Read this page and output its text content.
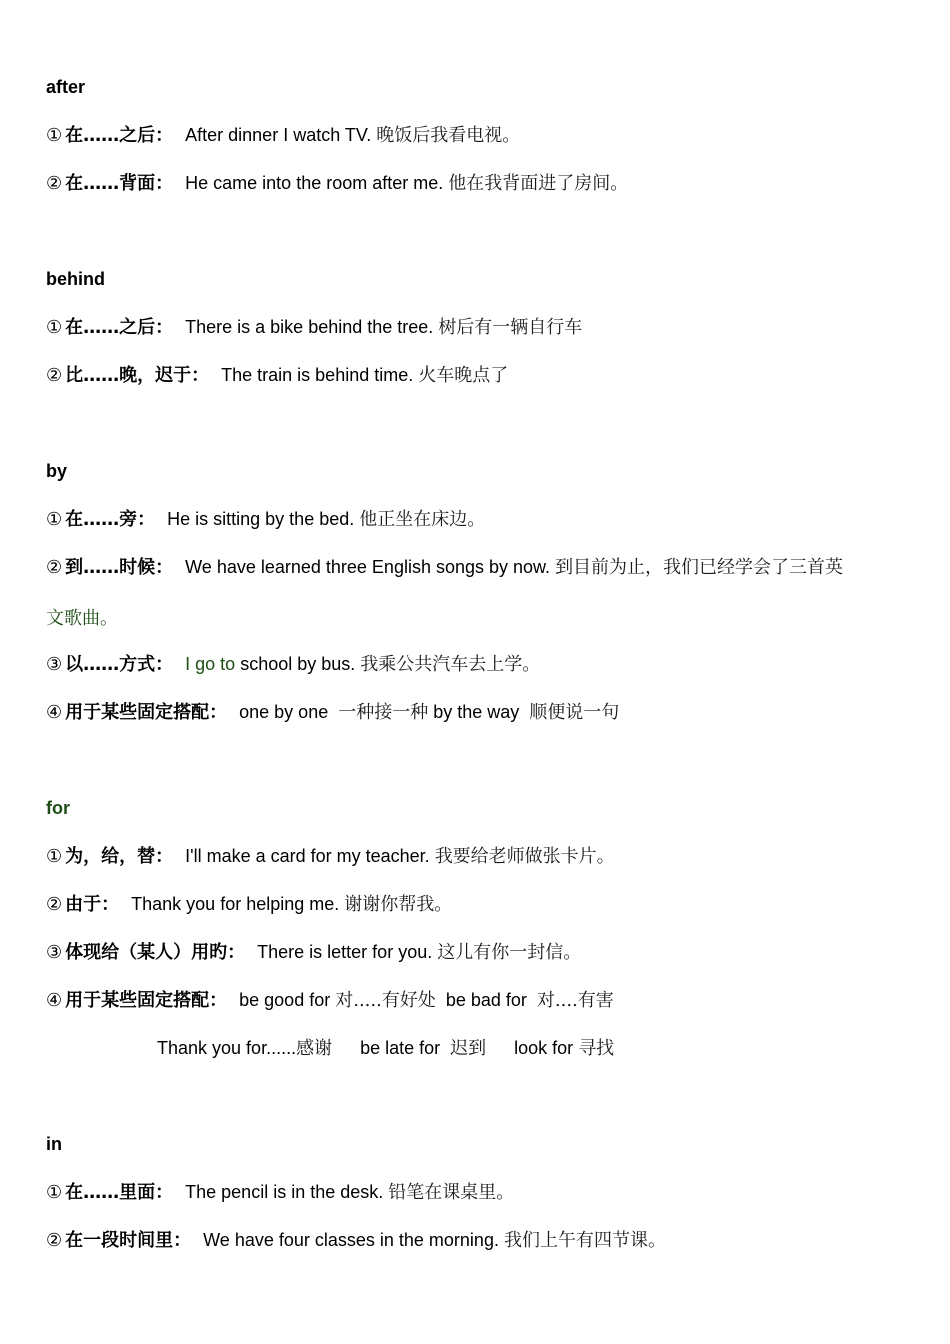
after
① 在……之后： After dinner I watch TV. 晚饭后我看电视。
② 在……背面： He came into the room after me. 他在我背面进了房间。
behind
① 在……之后： There is a bike behind the tree. 树后有一辆自行车
② 比……晚，迟于： The train is behind time. 火车晚点了
by
① 在……旁： He is sitting by the bed. 他正坐在床边。
② 到……时候： We have learned three English songs by now. 到目前为止，我们已经学会了三首英
文歌曲。
③ 以……方式： I go to school by bus. 我乘公共汽车去上学。
④ 用于某些固定搭配： one by one 一种接一种 by the way 顺便说一句
for
① 为，给，替： I'll make a card for my teacher. 我要给老师做张卡片。
② 由于： Thank you for helping me. 谢谢你帮我。
③ 体现给（某人）用旳： There is letter for you. 这儿有你一封信。
④ 用于某些固定搭配： be good for 对.....有好处 be bad for 对....有害
Thank you for......感谢 be late for 迟到 look for 寻找
in
① 在……里面： The pencil is in the desk. 铅笔在课桌里。
② 在一段时间里： We have four classes in the morning. 我们上午有四节课。
